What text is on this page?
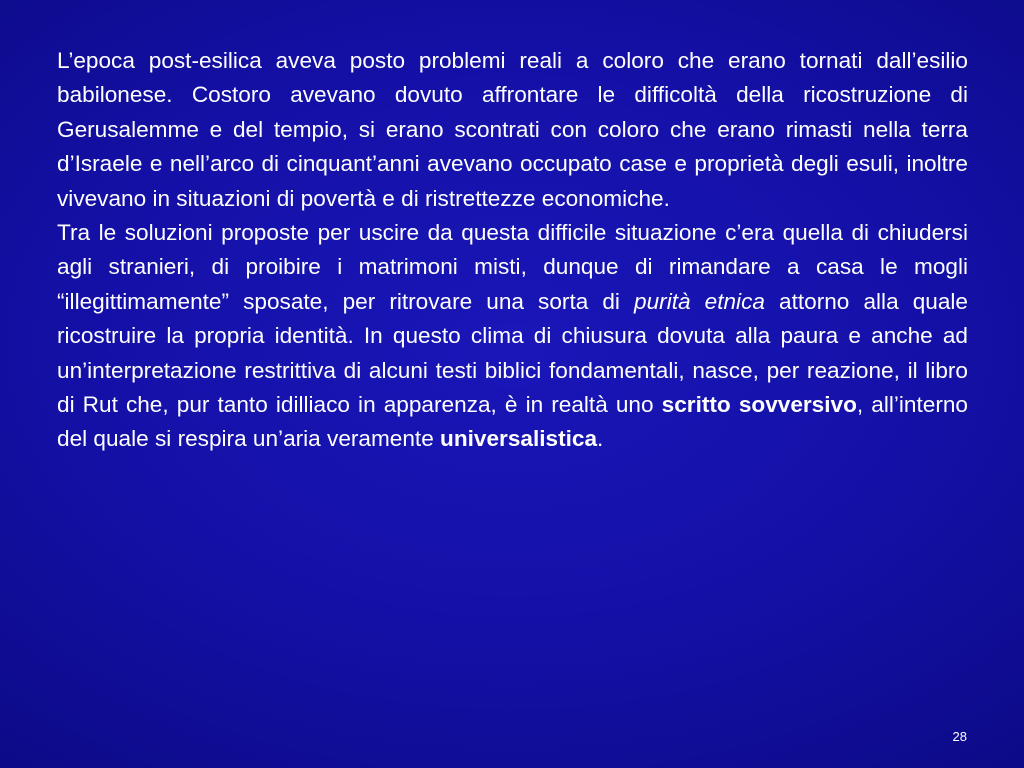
L’epoca post-esilica aveva posto problemi reali a coloro che erano tornati dall’esilio babilonese. Costoro avevano dovuto affrontare le difficoltà della ricostruzione di Gerusalemme e del tempio, si erano scontrati con coloro che erano rimasti nella terra d’Israele e nell’arco di cinquant’anni avevano occupato case e proprietà degli esuli, inoltre vivevano in situazioni di povertà e di ristrettezze economiche.

Tra le soluzioni proposte per uscire da questa difficile situazione c’era quella di chiudersi agli stranieri, di proibire i matrimoni misti, dunque di rimandare a casa le mogli “illegittimamente” sposate, per ritrovare una sorta di purità etnica attorno alla quale ricostruire la propria identità. In questo clima di chiusura dovuta alla paura e anche ad un’interpretazione restrittiva di alcuni testi biblici fondamentali, nasce, per reazione, il libro di Rut che, pur tanto idilliaco in apparenza, è in realtà uno scritto sovversivo, all’interno del quale si respira un’aria veramente universalistica.

28
